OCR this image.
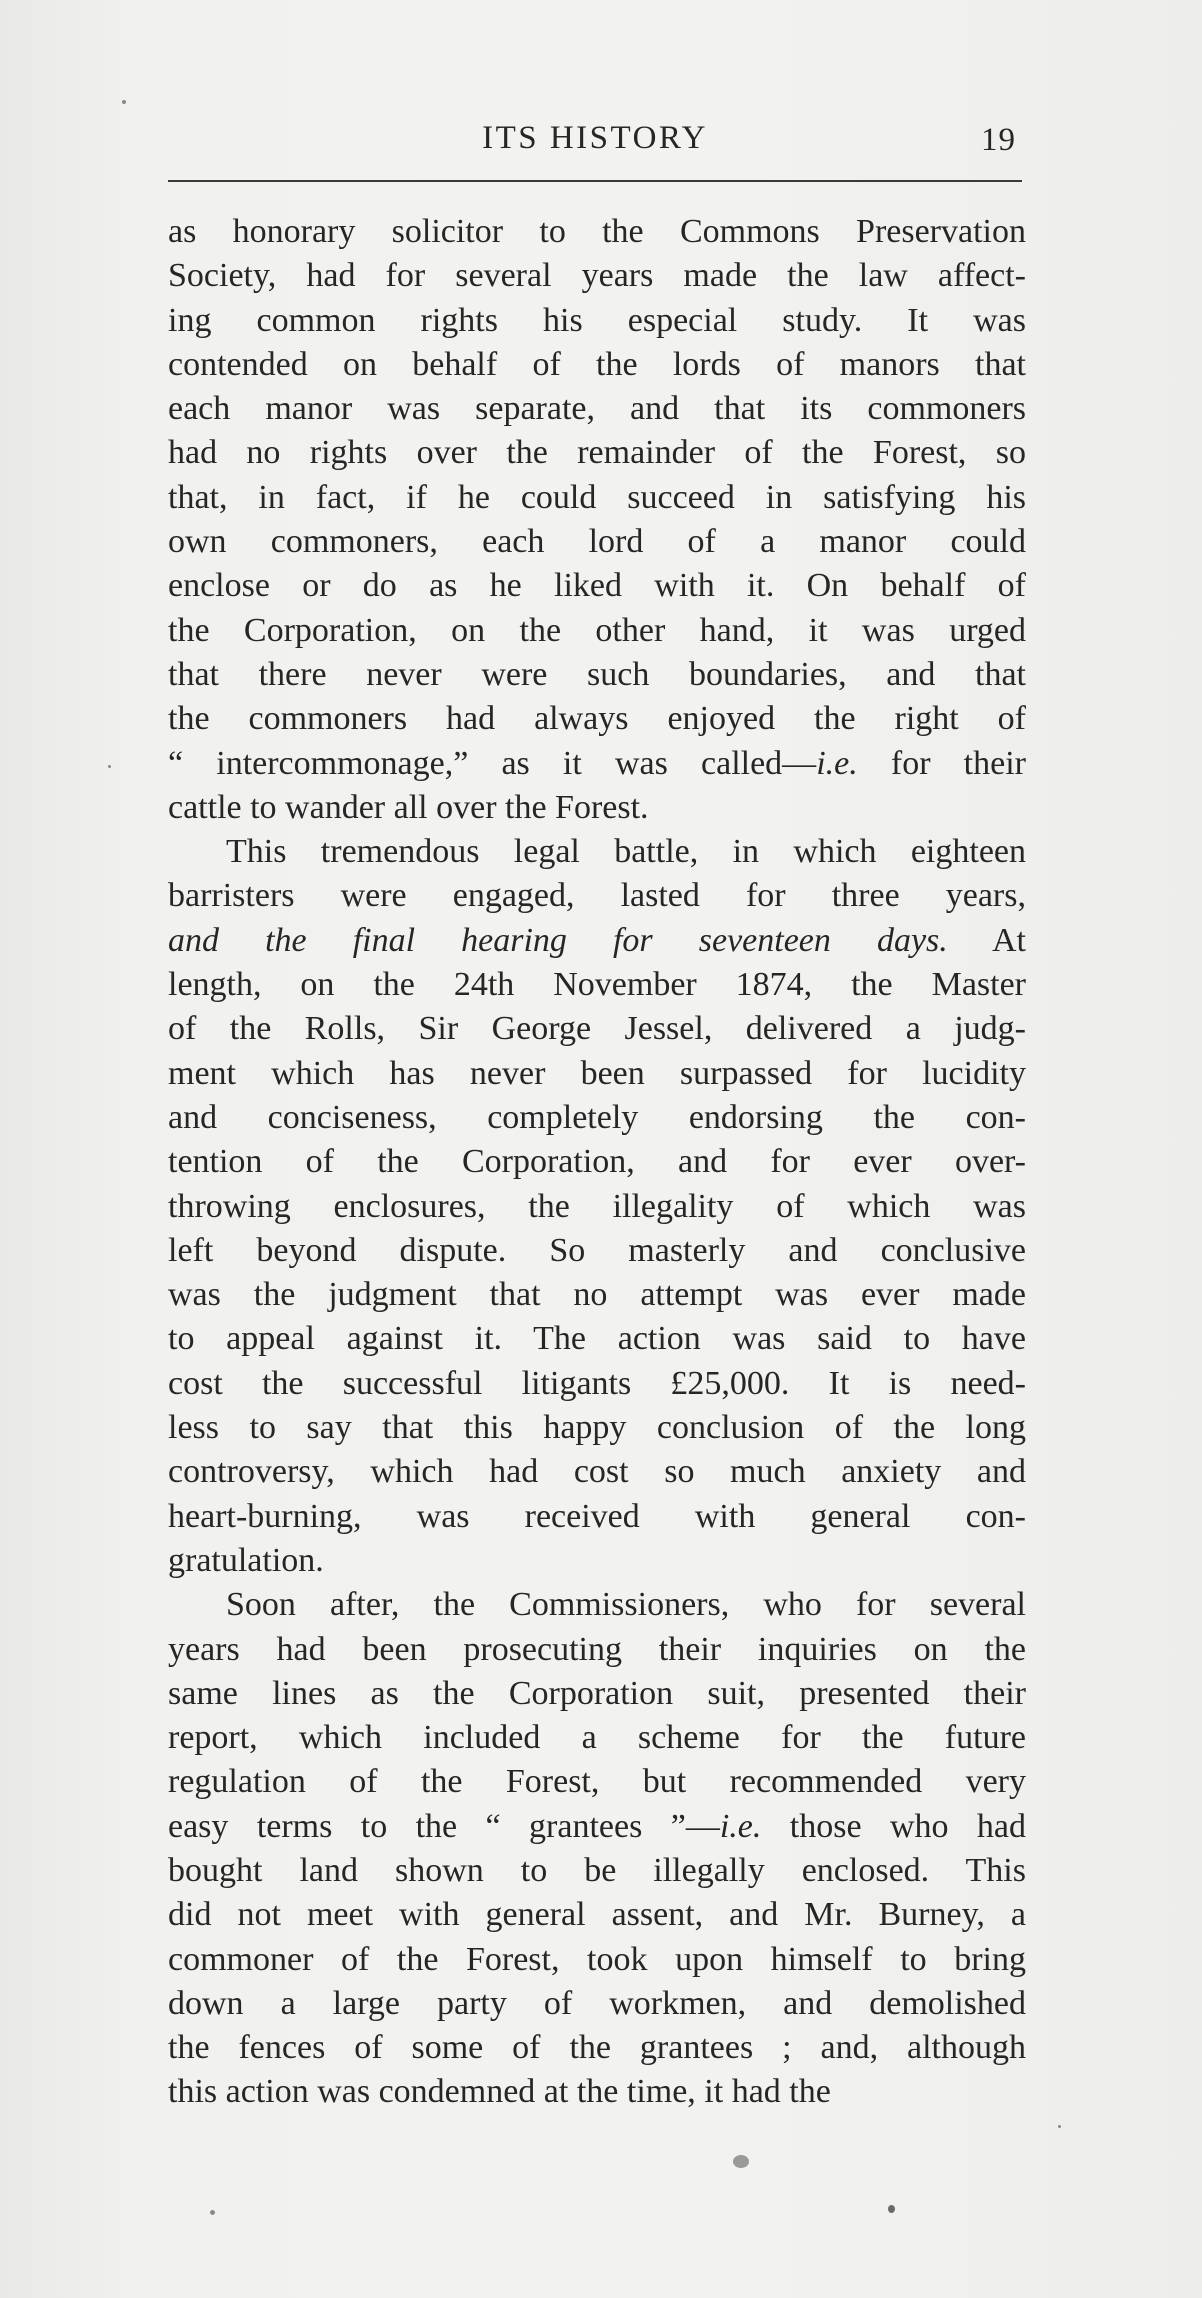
ITS HISTORY	19

as honorary solicitor to the Commons Preservation
Society, had for several years made the law affect-
ing common rights his especial study. It was
contended on behalf of the lords of manors that
each manor was separate, and that its commoners
had no rights over the remainder of the Forest, so
that, in fact, if he could succeed in satisfying his
own commoners, each lord of a manor could
enclose or do as he liked with it. On behalf of
the Corporation, on the other hand, it was urged
that there never were such boundaries, and that
the commoners had always enjoyed the right of
“ intercommonage,” as it was called—i.e. for their
cattle to wander all over the Forest.

This tremendous legal battle, in which eighteen
barristers were engaged, lasted for three years,
and the final hearing for seventeen days. At
length, on the 24th November 1874, the Master
of the Rolls, Sir George Jessel, delivered a judg-
ment which has never been surpassed for lucidity
and conciseness, completely endorsing the con-
tention of the Corporation, and for ever over-
throwing enclosures, the illegality of which was
left beyond dispute. So masterly and conclusive
was the judgment that no attempt was ever made
to appeal against it. The action was said to have
cost the successful litigants £25,000. It is need-
less to say that this happy conclusion of the long
controversy, which had cost so much anxiety and
heart-burning, was received with general con-
gratulation.

Soon after, the Commissioners, who for several
years had been prosecuting their inquiries on the
same lines as the Corporation suit, presented their
report, which included a scheme for the future
regulation of the Forest, but recommended very
easy terms to the “ grantees ”—i.e. those who had
bought land shown to be illegally enclosed. This
did not meet with general assent, and Mr. Burney, a
commoner of the Forest, took upon himself to bring
down a large party of workmen, and demolished
the fences of some of the grantees ; and, although
this action was condemned at the time, it had the
